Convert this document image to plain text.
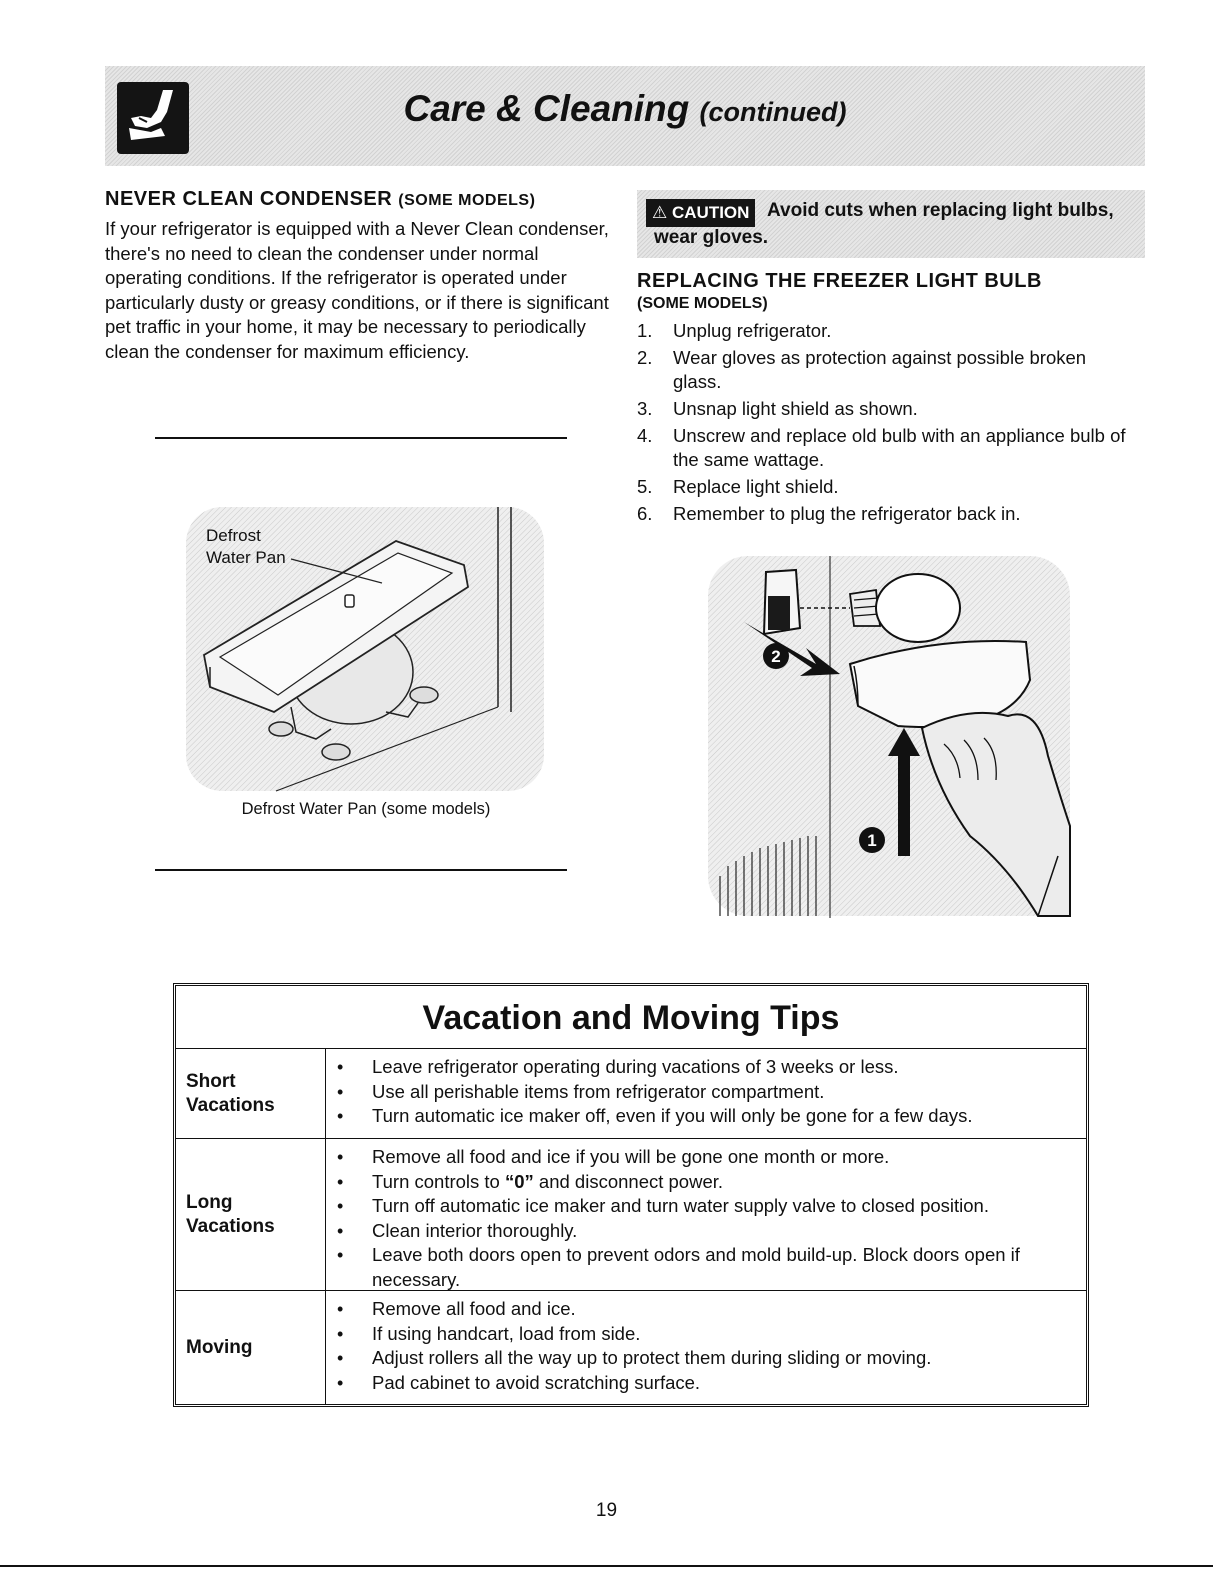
Care & Cleaning (continued)

NEVER CLEAN CONDENSER (SOME MODELS)

If your refrigerator is equipped with a Never Clean condenser, there's no need to clean the condenser under normal operating conditions. If the refrigerator is operated under particularly dusty or greasy conditions, or if there is significant pet traffic in your home, it may be necessary to periodically clean the condenser for maximum efficiency.

Defrost
Water Pan
Defrost Water Pan (some models)
⚠ CAUTION Avoid cuts when replacing light bulbs,
wear gloves.

REPLACING THE FREEZER LIGHT BULB

(SOME MODELS)

1. Unplug refrigerator.
2. Wear gloves as protection against possible broken glass.
3. Unsnap light shield as shown.
4. Unscrew and replace old bulb with an appliance bulb of the same wattage.
5. Replace light shield.
6. Remember to plug the refrigerator back in.
2
1
Vacation and Moving Tips
Short
Vacations
• Leave refrigerator operating during vacations of 3 weeks or less.
• Use all perishable items from refrigerator compartment.
• Turn automatic ice maker off, even if you will only be gone for a few days.
Long
Vacations
• Remove all food and ice if you will be gone one month or more.
• Turn controls to “0” and disconnect power.
• Turn off automatic ice maker and turn water supply valve to closed position.
• Clean interior thoroughly.
• Leave both doors open to prevent odors and mold build-up. Block doors open if necessary.
Moving
• Remove all food and ice.
• If using handcart, load from side.
• Adjust rollers all the way up to protect them during sliding or moving.
• Pad cabinet to avoid scratching surface.
19
